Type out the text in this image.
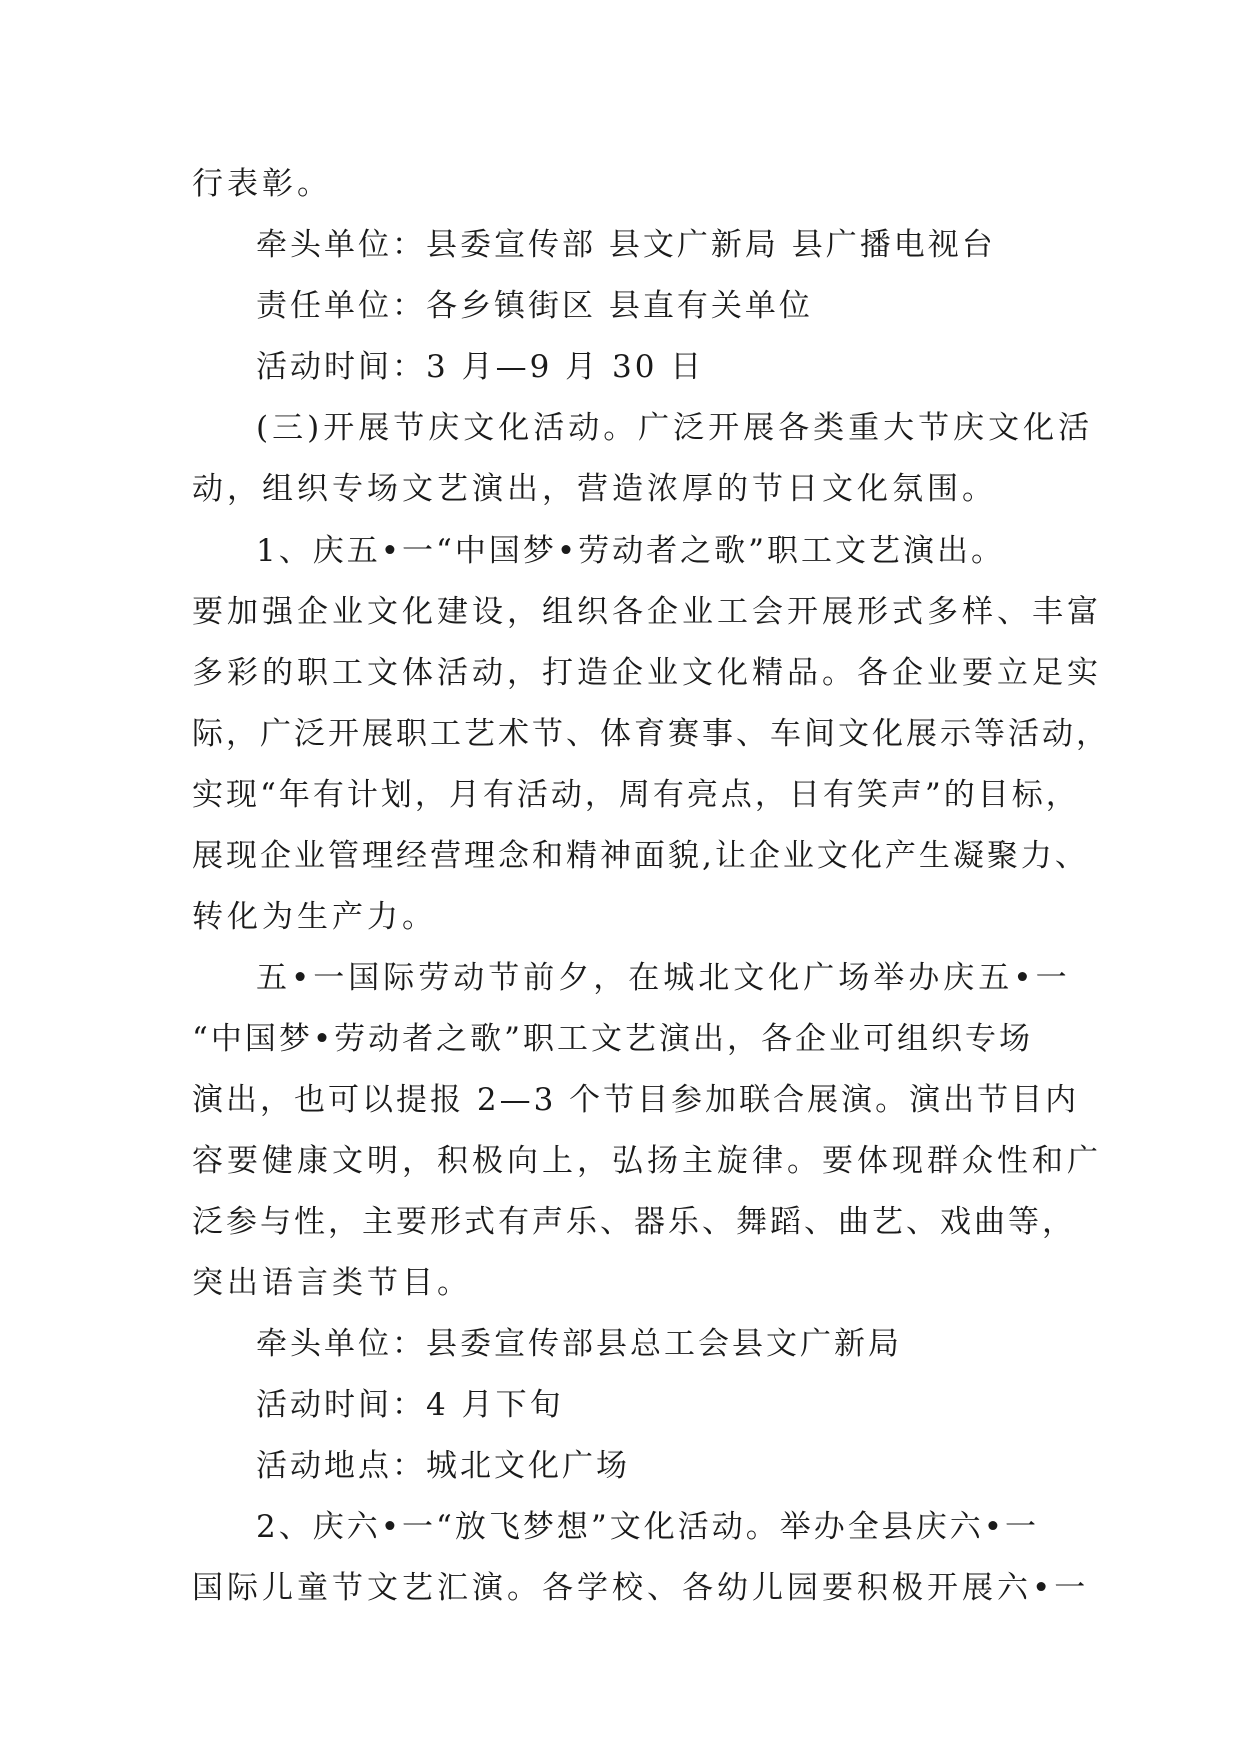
行表彰。
牵头单位：县委宣传部 县文广新局 县广播电视台
责任单位：各乡镇街区 县直有关单位
活动时间：3 月—9 月 30 日
(三)开展节庆文化活动。广泛开展各类重大节庆文化活
动，组织专场文艺演出，营造浓厚的节日文化氛围。
1、庆五•一“中国梦•劳动者之歌”职工文艺演出。
要加强企业文化建设，组织各企业工会开展形式多样、丰富
多彩的职工文体活动，打造企业文化精品。各企业要立足实
际，广泛开展职工艺术节、体育赛事、车间文化展示等活动，
实现“年有计划，月有活动，周有亮点，日有笑声”的目标，
展现企业管理经营理念和精神面貌,让企业文化产生凝聚力、
转化为生产力。
五•一国际劳动节前夕，在城北文化广场举办庆五•一
“中国梦•劳动者之歌”职工文艺演出，各企业可组织专场
演出，也可以提报 2—3 个节目参加联合展演。演出节目内
容要健康文明，积极向上，弘扬主旋律。要体现群众性和广
泛参与性，主要形式有声乐、器乐、舞蹈、曲艺、戏曲等，
突出语言类节目。
牵头单位：县委宣传部县总工会县文广新局
活动时间：4 月下旬
活动地点：城北文化广场
2、庆六•一“放飞梦想”文化活动。举办全县庆六•一
国际儿童节文艺汇演。各学校、各幼儿园要积极开展六•一
